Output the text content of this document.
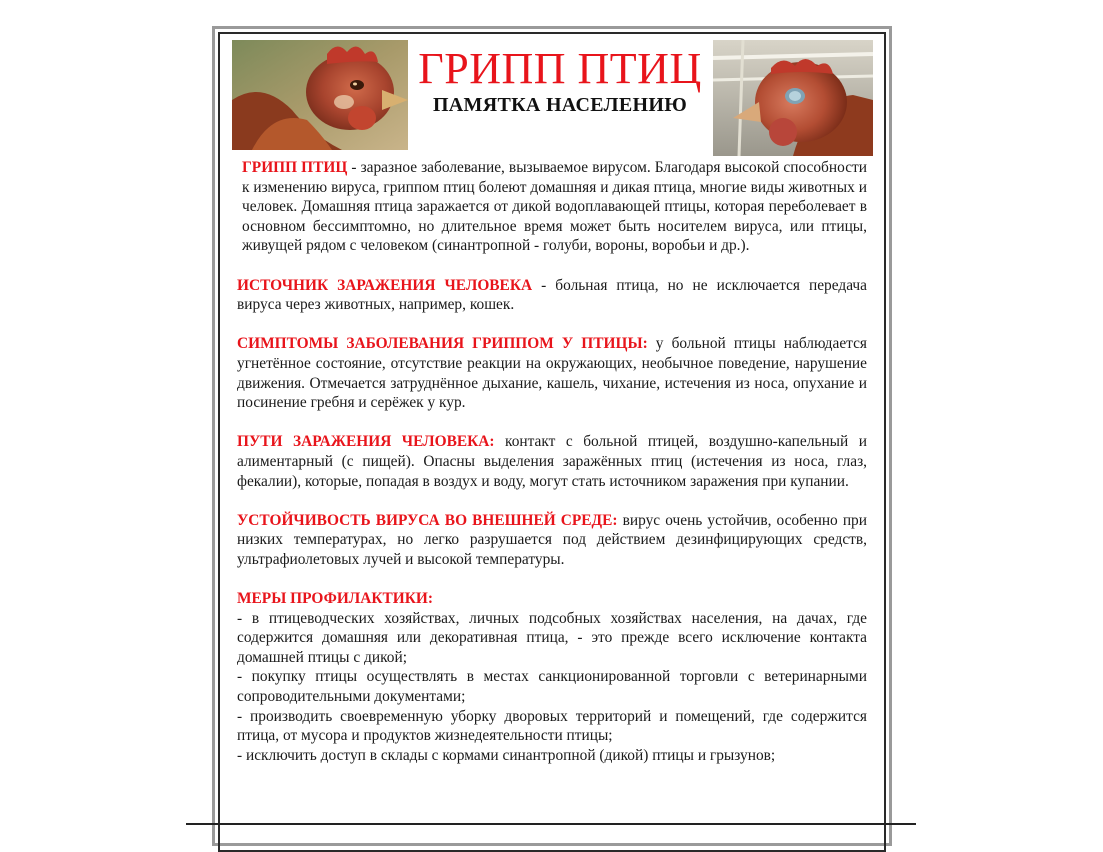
ГРИПП ПТИЦ
ПАМЯТКА НАСЕЛЕНИЮ

ГРИПП ПТИЦ - заразное заболевание, вызываемое вирусом. Благодаря высокой способности к изменению вируса, гриппом птиц болеют домашняя и дикая птица, многие виды животных и человек. Домашняя птица заражается от дикой водоплавающей птицы, которая переболевает в основном бессимптомно, но длительное время может быть носителем вируса, или птицы, живущей рядом с человеком (синантропной - голуби, вороны, воробьи и др.).

ИСТОЧНИК ЗАРАЖЕНИЯ ЧЕЛОВЕКА - больная птица, но не исключается передача вируса через животных, например, кошек.

СИМПТОМЫ ЗАБОЛЕВАНИЯ ГРИППОМ У ПТИЦЫ: у больной птицы наблюдается угнетённое состояние, отсутствие реакции на окружающих, необычное поведение, нарушение движения. Отмечается затруднённое дыхание, кашель, чихание, истечения из носа, опухание и посинение гребня и серёжек у кур.

ПУТИ ЗАРАЖЕНИЯ ЧЕЛОВЕКА: контакт с больной птицей, воздушно-капельный и алиментарный (с пищей). Опасны выделения заражённых птиц (истечения из носа, глаз, фекалии), которые, попадая в воздух и воду, могут стать источником заражения при купании.

УСТОЙЧИВОСТЬ ВИРУСА ВО ВНЕШНЕЙ СРЕДЕ: вирус очень устойчив, особенно при низких температурах, но легко разрушается под действием дезинфицирующих средств, ультрафиолетовых лучей и высокой температуры.

МЕРЫ ПРОФИЛАКТИКИ:

- в птицеводческих хозяйствах, личных подсобных хозяйствах населения, на дачах, где содержится домашняя или декоративная птица, - это прежде всего исключение контакта домашней птицы с дикой;

- покупку птицы осуществлять в местах санкционированной торговли с ветеринарными сопроводительными документами;

- производить своевременную уборку дворовых территорий и помещений, где содержится птица, от мусора и продуктов жизнедеятельности птицы;

- исключить доступ в склады с кормами синантропной (дикой) птицы и грызунов;
